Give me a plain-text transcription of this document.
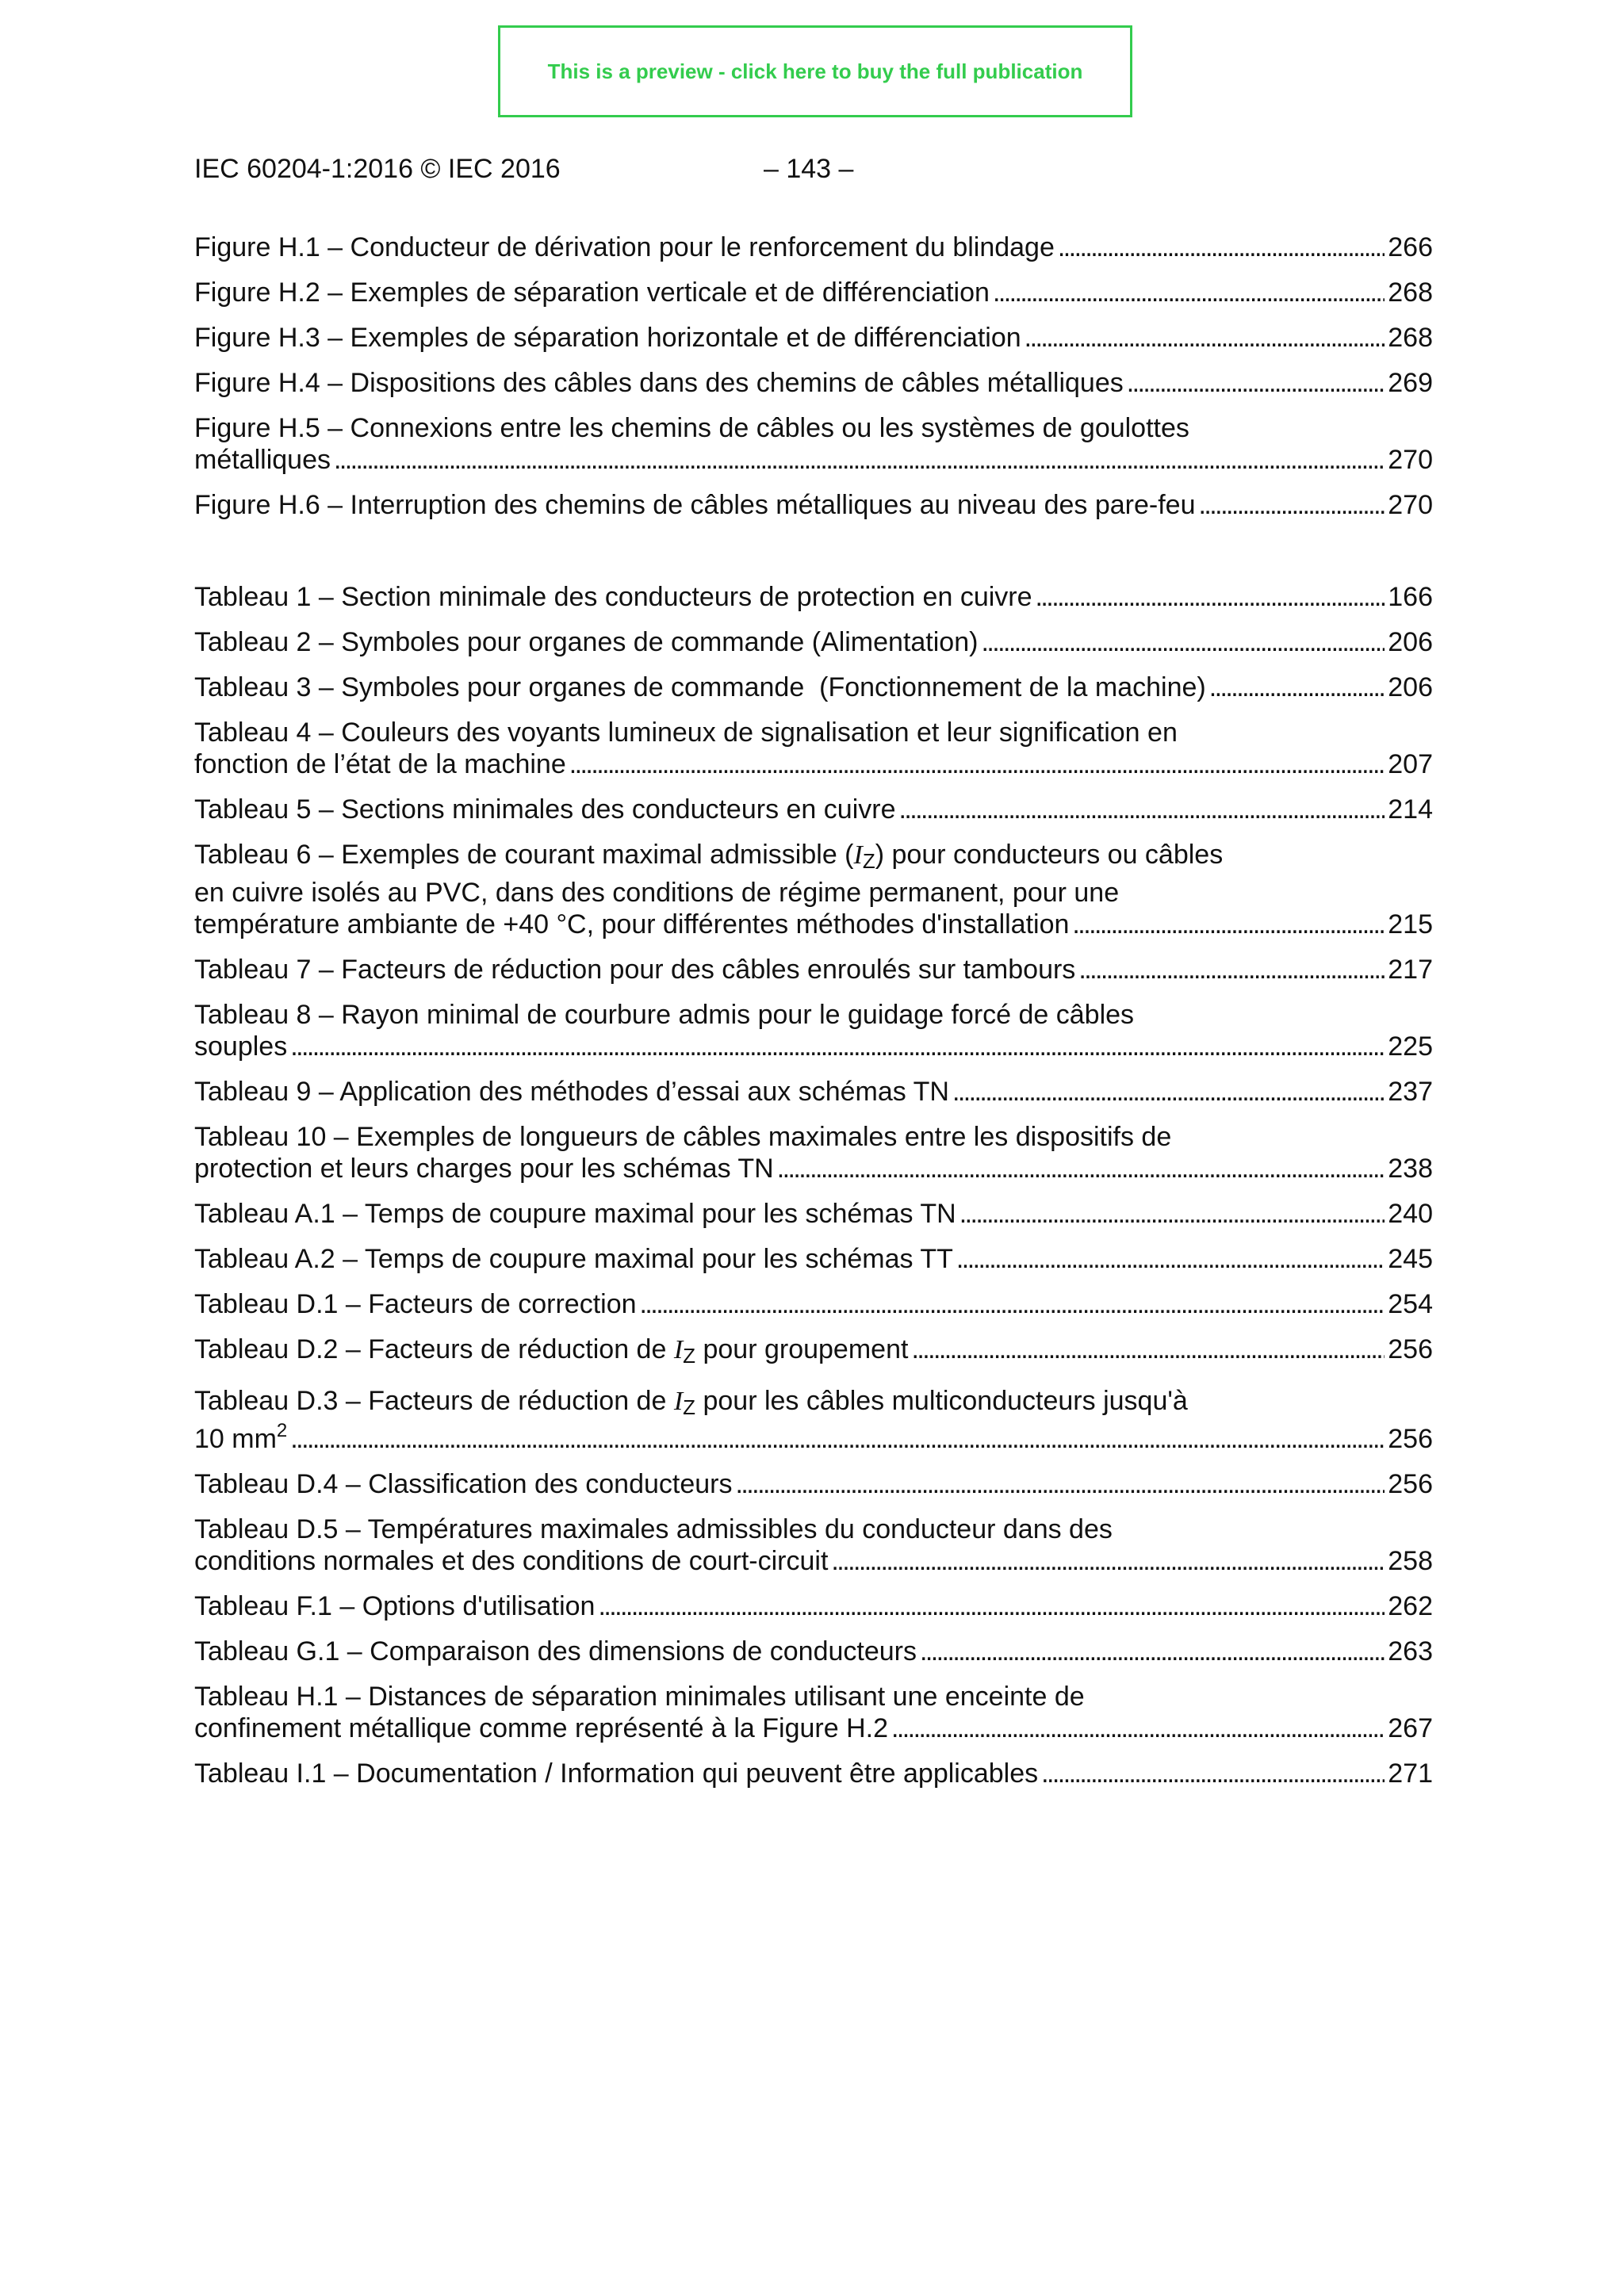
This is a preview - click here to buy the full publication
IEC 60204-1:2016 © IEC 2016	– 143 –
Figure H.1 – Conducteur de dérivation pour le renforcement du blindage . . .	266
Figure H.2 – Exemples de séparation verticale et de différenciation . . .	268
Figure H.3 – Exemples de séparation horizontale et de différenciation . . .	268
Figure H.4 – Dispositions des câbles dans des chemins de câbles métalliques . . .	269
Figure H.5 – Connexions entre les chemins de câbles ou les systèmes de goulottes
métalliques . . .	270
Figure H.6 – Interruption des chemins de câbles métalliques au niveau des pare-feu . . .	270
Tableau 1 – Section minimale des conducteurs de protection en cuivre . . .	166
Tableau 2 – Symboles pour organes de commande (Alimentation) . . .	206
Tableau 3 – Symboles pour organes de commande  (Fonctionnement de la machine) . . .	206
Tableau 4 – Couleurs des voyants lumineux de signalisation et leur signification en
fonction de l’état de la machine . . .	207
Tableau 5 – Sections minimales des conducteurs en cuivre . . .	214
Tableau 6 – Exemples de courant maximal admissible $(I_Z)$ pour conducteurs ou câbles
en cuivre isolés au PVC, dans des conditions de régime permanent, pour une
température ambiante de +40 °C, pour différentes méthodes d'installation . . .	215
Tableau 7 – Facteurs de réduction pour des câbles enroulés sur tambours . . .	217
Tableau 8 – Rayon minimal de courbure admis pour le guidage forcé de câbles
souples . . .	225
Tableau 9 – Application des méthodes d’essai aux schémas TN . . .	237
Tableau 10 – Exemples de longueurs de câbles maximales entre les dispositifs de
protection et leurs charges pour les schémas TN . . .	238
Tableau A.1 – Temps de coupure maximal pour les schémas TN . . .	240
Tableau A.2 – Temps de coupure maximal pour les schémas TT . . .	245
Tableau D.1 – Facteurs de correction . . .	254
Tableau D.2 – Facteurs de réduction de $I_Z$ pour groupement . . .	256
Tableau D.3 – Facteurs de réduction de $I_Z$ pour les câbles multiconducteurs jusqu'à
10 $mm^2$ . . .	256
Tableau D.4 – Classification des conducteurs . . .	256
Tableau D.5 – Températures maximales admissibles du conducteur dans des
conditions normales et des conditions de court-circuit . . .	258
Tableau F.1 – Options d'utilisation . . .	262
Tableau G.1 – Comparaison des dimensions de conducteurs . . .	263
Tableau H.1 – Distances de séparation minimales utilisant une enceinte de
confinement métallique comme représenté à la Figure H.2 . . .	267
Tableau I.1 – Documentation / Information qui peuvent être applicables . . .	271
